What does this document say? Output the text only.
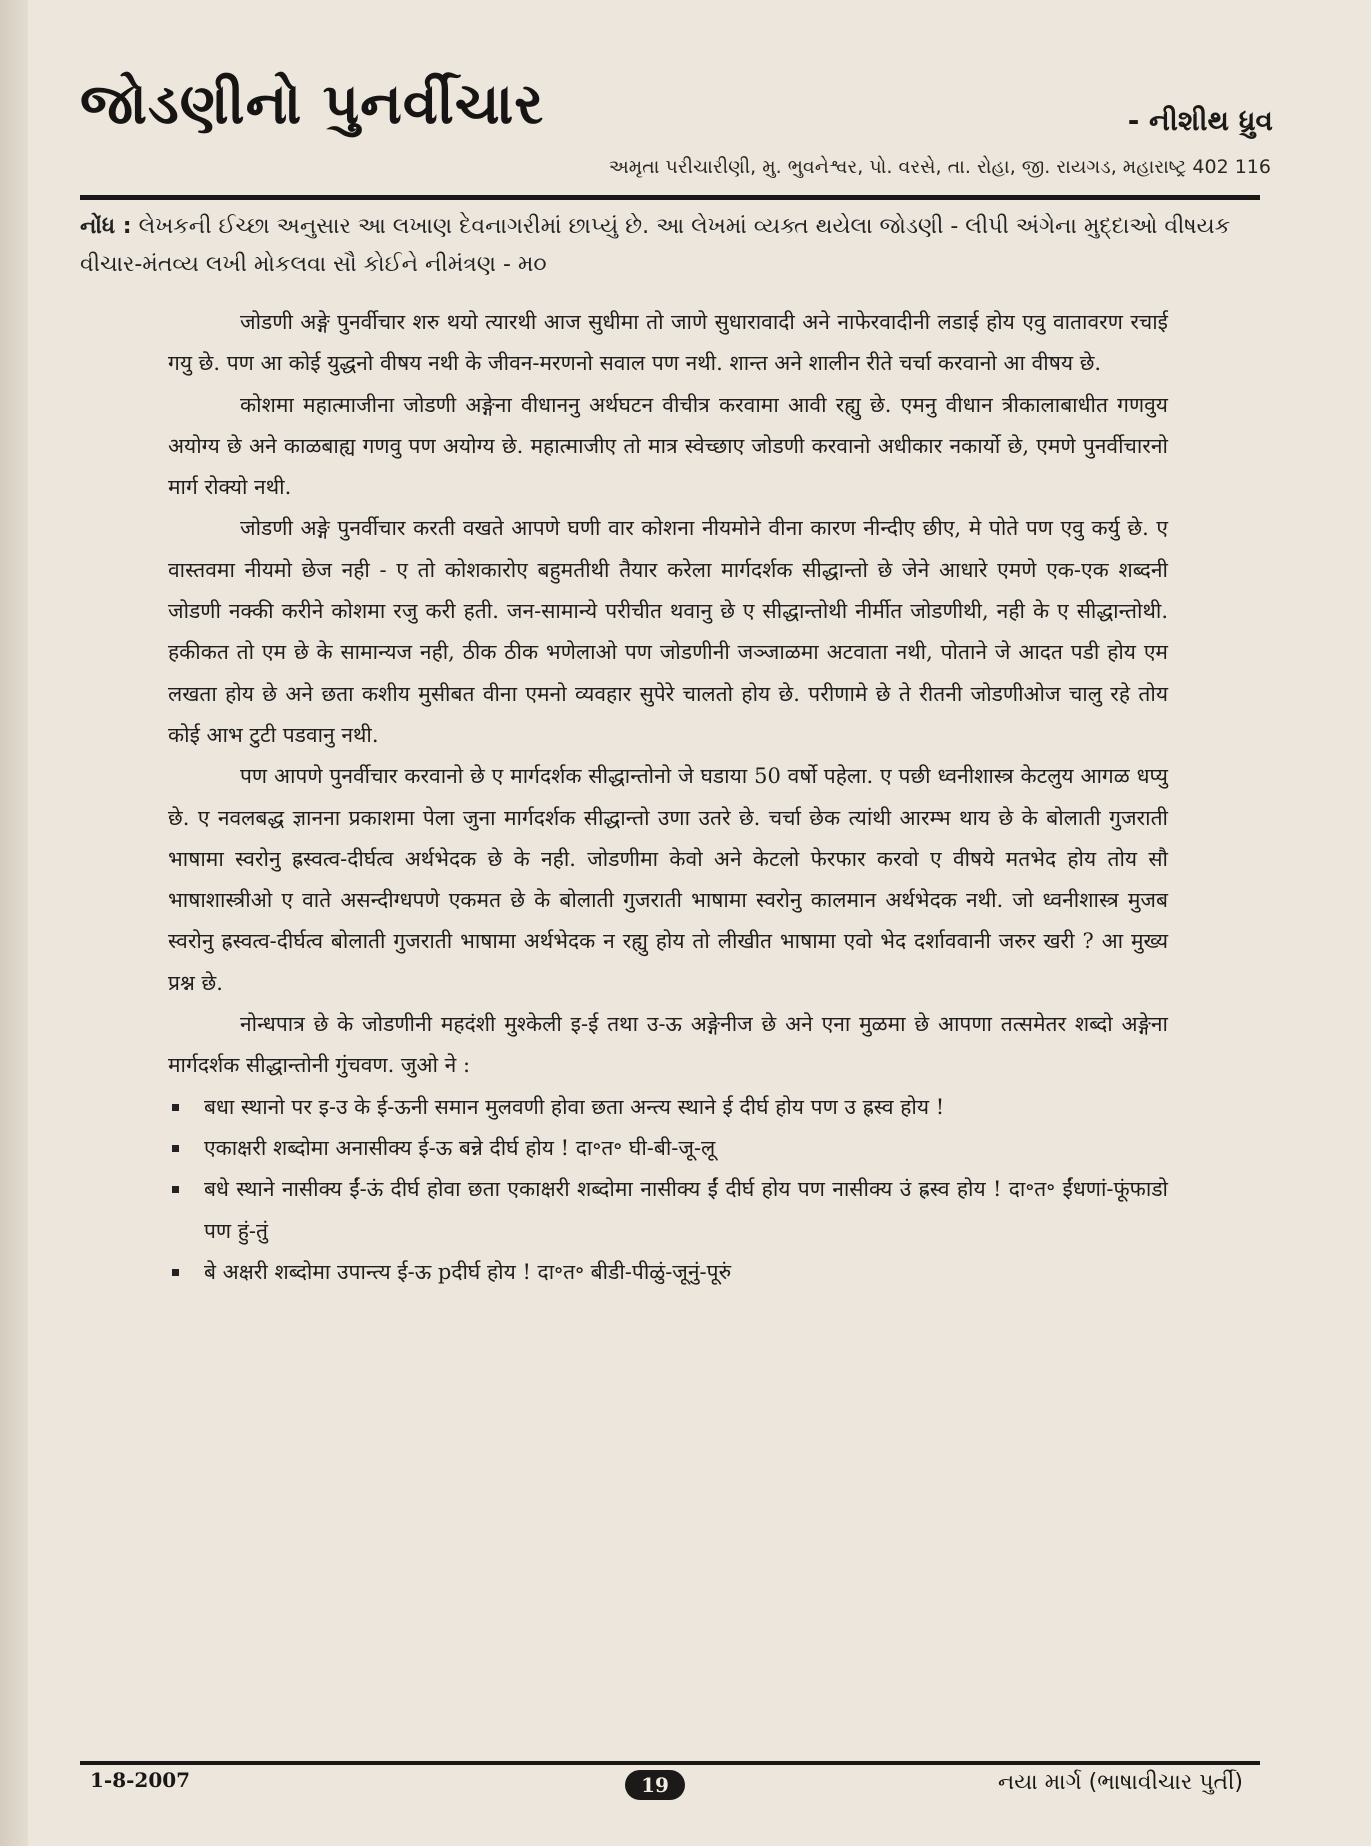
જોડણીનો પુનર્વીચાર	- નીશીથ ધ્રુવ
અમૃતા પરીચારીણી, મુ. ભુવનેશ્વર, પો. વરસે, તા. રોહા, જી. રાયગડ, મહારાષ્ટ્ર 402 116
નોંધ : લેખકની ઈચ્છા અનુસાર આ લખાણ દેવનાગરીમાં છાપ્યું છે. આ લેખમાં વ્યક્ત થયેલા જોડણી - લીપી અંગેના મુદ્દાઓ વીષયક વીચાર-મંતવ્ય લખી મોકલવા સૌ કોઈને નીમંત્રણ - મ૦

जोडणी अङ्गे पुनर्वीचार शरु थयो त्यारथी आज सुधीमा तो जाणे सुधारावादी अने नाफेरवादीनी लडाई होय एवु वातावरण रचाई गयु छे. पण आ कोई युद्धनो वीषय नथी के जीवन-मरणनो सवाल पण नथी. शान्त अने शालीन रीते चर्चा करवानो आ वीषय छे.

कोशमा महात्माजीना जोडणी अङ्गेना वीधाननु अर्थघटन वीचीत्र करवामा आवी रह्यु छे. एमनु वीधान त्रीकालाबाधीत गणवुय अयोग्य छे अने काळबाह्य गणवु पण अयोग्य छे. महात्माजीए तो मात्र स्वेच्छाए जोडणी करवानो अधीकार नकार्यो छे, एमणे पुनर्वीचारनो मार्ग रोक्यो नथी.

जोडणी अङ्गे पुनर्वीचार करती वखते आपणे घणी वार कोशना नीयमोने वीना कारण नीन्दीए छीए, मे पोते पण एवु कर्यु छे. ए वास्तवमा नीयमो छेज नही - ए तो कोशकारोए बहुमतीथी तैयार करेला मार्गदर्शक सीद्धान्तो छे जेने आधारे एमणे एक-एक शब्दनी जोडणी नक्की करीने कोशमा रजु करी हती. जन-सामान्ये परीचीत थवानु छे ए सीद्धान्तोथी नीर्मीत जोडणीथी, नही के ए सीद्धान्तोथी. हकीकत तो एम छे के सामान्यज नही, ठीक ठीक भणेलाओ पण जोडणीनी जञ्जाळमा अटवाता नथी, पोताने जे आदत पडी होय एम लखता होय छे अने छता कशीय मुसीबत वीना एमनो व्यवहार सुपेरे चालतो होय छे. परीणामे छे ते रीतनी जोडणीओज चालु रहे तोय कोई आभ टुटी पडवानु नथी.

पण आपणे पुनर्वीचार करवानो छे ए मार्गदर्शक सीद्धान्तोनो जे घडाया 50 वर्षो पहेला. ए पछी ध्वनीशास्त्र केटलुय आगळ धप्यु छे. ए नवलबद्ध ज्ञानना प्रकाशमा पेला जुना मार्गदर्शक सीद्धान्तो उणा उतरे छे. चर्चा छेक त्यांथी आरम्भ थाय छे के बोलाती गुजराती भाषामा स्वरोनु ह्रस्वत्व-दीर्घत्व अर्थभेदक छे के नही. जोडणीमा केवो अने केटलो फेरफार करवो ए वीषये मतभेद होय तोय सौ भाषाशास्त्रीओ ए वाते असन्दीग्धपणे एकमत छे के बोलाती गुजराती भाषामा स्वरोनु कालमान अर्थभेदक नथी. जो ध्वनीशास्त्र मुजब स्वरोनु ह्रस्वत्व-दीर्घत्व बोलाती गुजराती भाषामा अर्थभेदक न रह्यु होय तो लीखीत भाषामा एवो भेद दर्शाववानी जरुर खरी ? आ मुख्य प्रश्न छे.

नोन्धपात्र छे के जोडणीनी महदंशी मुश्केली इ-ई तथा उ-ऊ अङ्गेनीज छे अने एना मुळमा छे आपणा तत्समेतर शब्दो अङ्गेना मार्गदर्शक सीद्धान्तोनी गुंचवण. जुओ ने :

बधा स्थानो पर इ-उ के ई-ऊनी समान मुलवणी होवा छता अन्त्य स्थाने ई दीर्घ होय पण उ ह्रस्व होय !
एकाक्षरी शब्दोमा अनासीक्य ई-ऊ बन्ने दीर्घ होय ! दा॰त॰ घी-बी-जू-लू
बधे स्थाने नासीक्य ईं-ऊं दीर्घ होवा छता एकाक्षरी शब्दोमा नासीक्य ईं दीर्घ होय पण नासीक्य उं ह्रस्व होय ! दा॰त॰ ईंधणां-फूंफाडो पण हुं-तुं
बे अक्षरी शब्दोमा उपान्त्य ई-ऊ pदीर्घ होय ! दा॰त॰ बीडी-पीळुं-जूनुं-पूरुं
1-8-2007	19	નયા માર્ગ (ભાષાવીચાર પુર્તી)
